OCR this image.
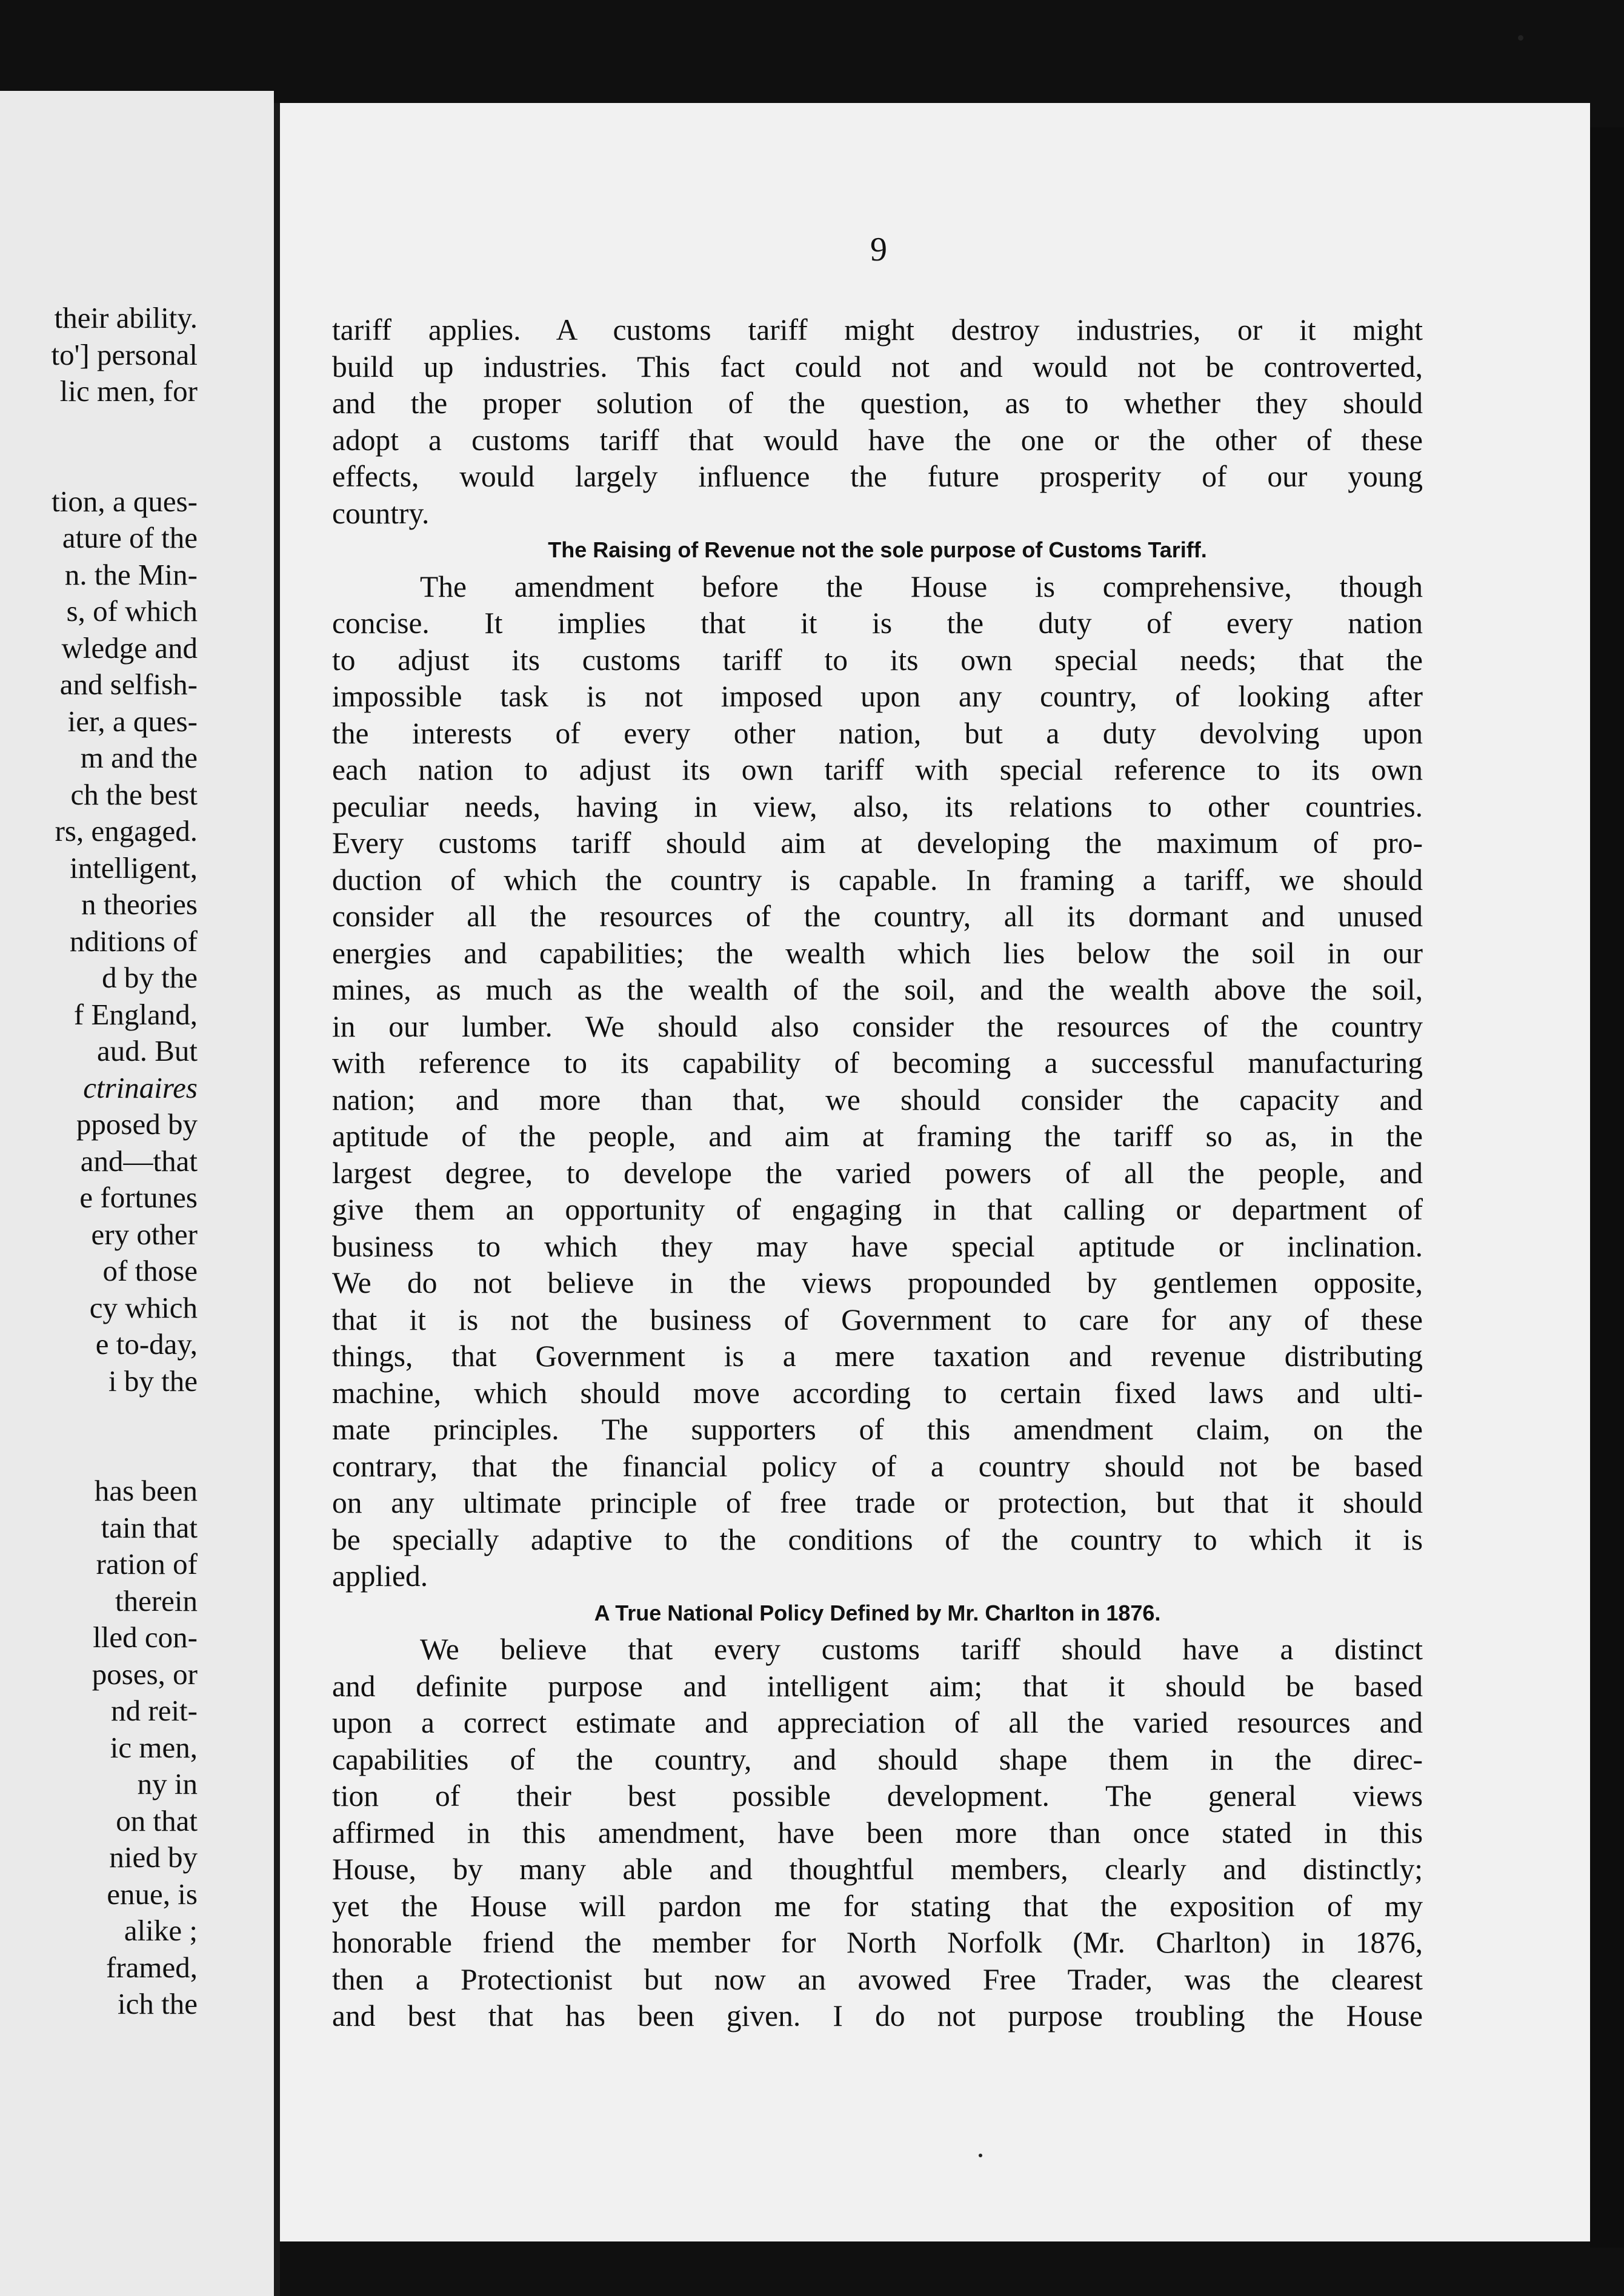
their ability.
to'] personal
lic men, for
tion, a ques-
ature of the
n. the Min-
s, of which
wledge and
and selfish-
ier, a ques-
m and the
ch the best
rs, engaged.
intelligent,
n theories
nditions of
d by the
f England,
aud. But
ctrinaires
pposed by
and—that
e fortunes
ery other
of those
cy which
e to-day,
i by the
has been
tain that
ration of
therein
lled con-
poses, or
nd reit-
ic men,
ny in
on that
nied by
enue, is
alike ;
framed,
ich the
9
tariff applies. A customs tariff might destroy industries, or it might
build up industries. This fact could not and would not be controverted,
and the proper solution of the question, as to whether they should
adopt a customs tariff that would have the one or the other of these
effects, would largely influence the future prosperity of our young
country.
The Raising of Revenue not the sole purpose of Customs Tariff.
The amendment before the House is comprehensive, though
concise. It implies that it is the duty of every nation
to adjust its customs tariff to its own special needs; that the
impossible task is not imposed upon any country, of looking after
the interests of every other nation, but a duty devolving upon
each nation to adjust its own tariff with special reference to its own
peculiar needs, having in view, also, its relations to other countries.
Every customs tariff should aim at developing the maximum of pro-
duction of which the country is capable. In framing a tariff, we should
consider all the resources of the country, all its dormant and unused
energies and capabilities; the wealth which lies below the soil in our
mines, as much as the wealth of the soil, and the wealth above the soil,
in our lumber. We should also consider the resources of the country
with reference to its capability of becoming a successful manufacturing
nation; and more than that, we should consider the capacity and
aptitude of the people, and aim at framing the tariff so as, in the
largest degree, to develope the varied powers of all the people, and
give them an opportunity of engaging in that calling or department of
business to which they may have special aptitude or inclination.
We do not believe in the views propounded by gentlemen opposite,
that it is not the business of Government to care for any of these
things, that Government is a mere taxation and revenue distributing
machine, which should move according to certain fixed laws and ulti-
mate principles. The supporters of this amendment claim, on the
contrary, that the financial policy of a country should not be based
on any ultimate principle of free trade or protection, but that it should
be specially adaptive to the conditions of the country to which it is
applied.
A True National Policy Defined by Mr. Charlton in 1876.
We believe that every customs tariff should have a distinct
and definite purpose and intelligent aim; that it should be based
upon a correct estimate and appreciation of all the varied resources and
capabilities of the country, and should shape them in the direc-
tion of their best possible development. The general views
affirmed in this amendment, have been more than once stated in this
House, by many able and thoughtful members, clearly and distinctly;
yet the House will pardon me for stating that the exposition of my
honorable friend the member for North Norfolk (Mr. Charlton) in 1876,
then a Protectionist but now an avowed Free Trader, was the clearest
and best that has been given. I do not purpose troubling the House
